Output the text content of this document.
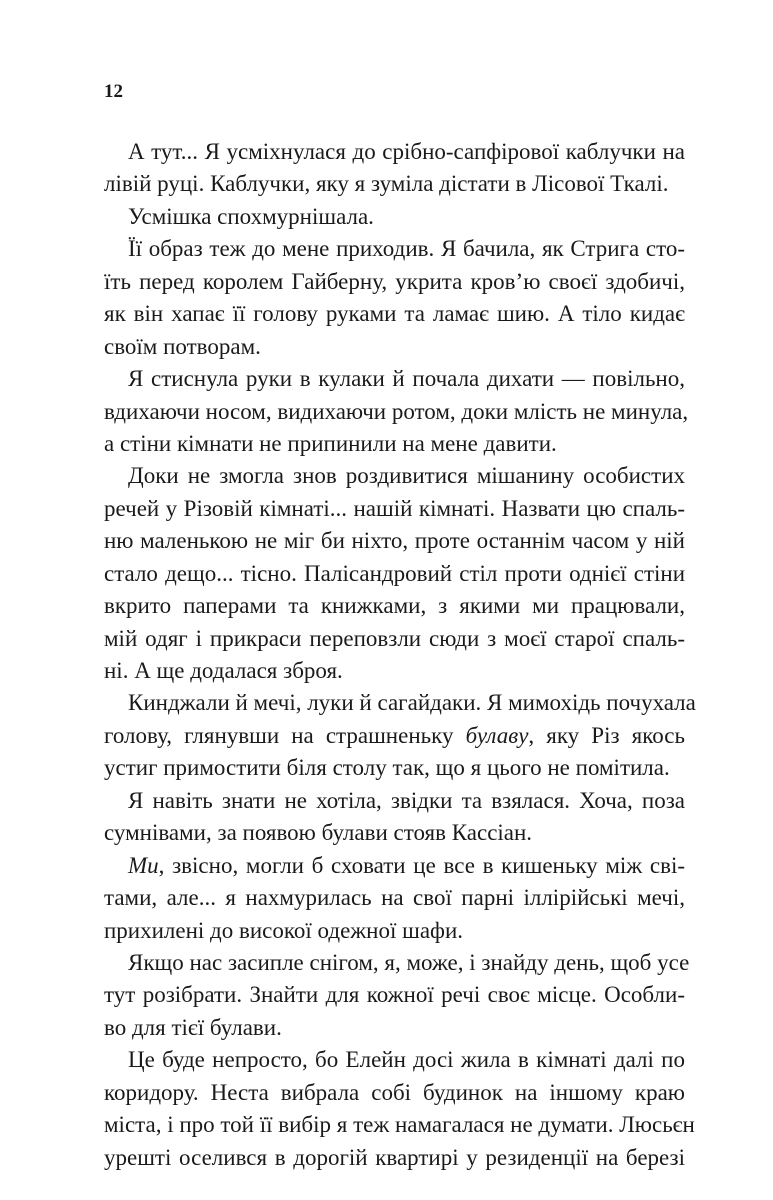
12
А тут... Я усміхнулася до срібно-сапфірової каблучки на
лівій руці. Каблучки, яку я зуміла дістати в Лісової Ткалі.
Усмішка спохмурнішала.
Її образ теж до мене приходив. Я бачила, як Стрига сто-
їть перед королем Гайберну, укрита кров’ю своєї здобичі,
як він хапає її голову руками та ламає шию. А тіло кидає
своїм потворам.
Я стиснула руки в кулаки й почала дихати — повільно,
вдихаючи носом, видихаючи ротом, доки млість не минула,
а стіни кімнати не припинили на мене давити.
Доки не змогла знов роздивитися мішанину особистих
речей у Різовій кімнаті... нашій кімнаті. Назвати цю спаль-
ню маленькою не міг би ніхто, проте останнім часом у ній
стало дещо... тісно. Палісандровий стіл проти однієї стіни
вкрито паперами та книжками, з якими ми працювали,
мій одяг і прикраси переповзли сюди з моєї старої спаль-
ні. А ще додалася зброя.
Кинджали й мечі, луки й сагайдаки. Я мимохідь почухала
голову, глянувши на страшненьку булаву, яку Різ якось
устиг примостити біля столу так, що я цього не помітила.
Я навіть знати не хотіла, звідки та взялася. Хоча, поза
сумнівами, за появою булави стояв Кассіан.
Ми, звісно, могли б сховати це все в кишеньку між сві-
тами, але... я нахмурилась на свої парні іллірійські мечі,
прихилені до високої одежної шафи.
Якщо нас засипле снігом, я, може, і знайду день, щоб усе
тут розібрати. Знайти для кожної речі своє місце. Особли-
во для тієї булави.
Це буде непросто, бо Елейн досі жила в кімнаті далі по
коридору. Неста вибрала собі будинок на іншому краю
міста, і про той її вибір я теж намагалася не думати. Люсьєн
урешті оселився в дорогій квартирі у резиденції на березі
